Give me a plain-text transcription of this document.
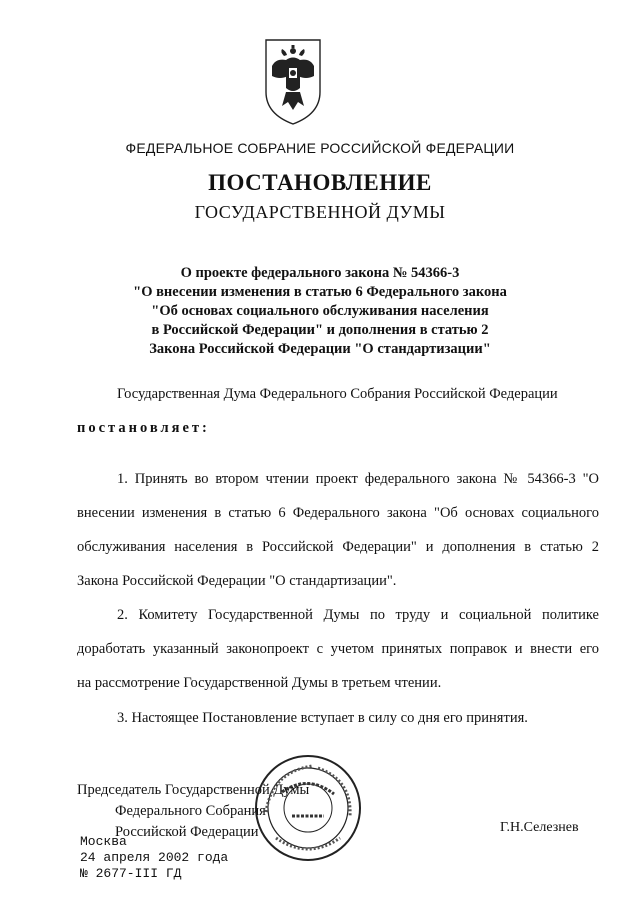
ФЕДЕРАЛЬНОЕ СОБРАНИЕ РОССИЙСКОЙ ФЕДЕРАЦИИ
ПОСТАНОВЛЕНИЕ
ГОСУДАРСТВЕННОЙ ДУМЫ
О проекте федерального закона № 54366-3
"О внесении изменения в статью 6 Федерального закона
"Об основах социального обслуживания населения
в Российской Федерации" и дополнения в статью 2
Закона Российской Федерации "О стандартизации"
Государственная Дума Федерального Собрания Российской Федерации
постановляет:
1. Принять во втором чтении проект федерального закона № 54366-3 "О
внесении изменения в статью 6 Федерального закона "Об основах социального
обслуживания населения в Российской Федерации" и дополнения в статью 2
Закона Российской Федерации "О стандартизации".
2. Комитету Государственной Думы по труду и социальной политике
доработать указанный законопроект с учетом принятых поправок и внести его
на рассмотрение Государственной Думы в третьем чтении.
3. Настоящее Постановление вступает в силу со дня его принятия.
Председатель Государственной Думы
Федерального Собрания
Российской Федерации	Г.Н.Селезнев
Москва
24 апреля 2002 года
№ 2677-III ГД
